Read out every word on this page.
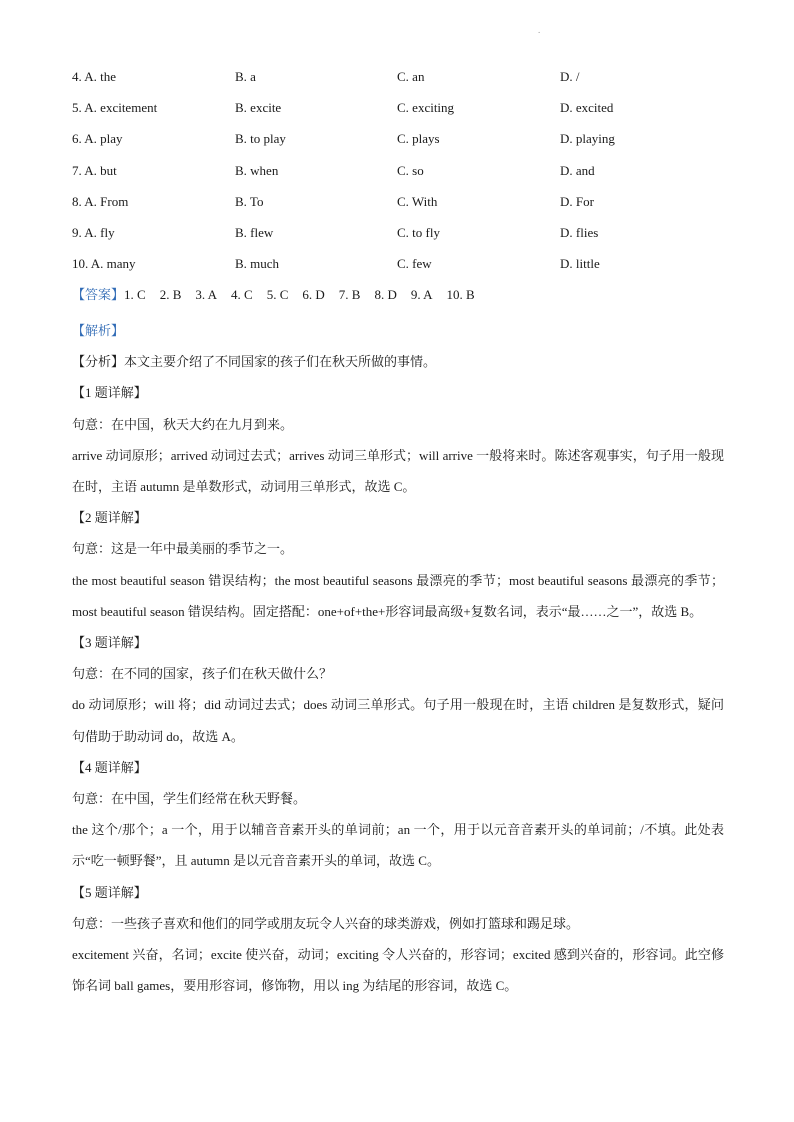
.
4. A. the	B. a	C. an	D. /
5. A. excitement	B. excite	C. exciting	D. excited
6. A. play	B. to play	C. plays	D. playing
7. A. but	B. when	C. so	D. and
8. A. From	B. To	C. With	D. For
9. A. fly	B. flew	C. to fly	D. flies
10. A. many	B. much	C. few	D. little
【答案】1. C 2. B 3. A 4. C 5. C 6. D 7. B 8. D 9. A 10. B

【解析】

【分析】本文主要介绍了不同国家的孩子们在秋天所做的事情。

【1 题详解】

句意：在中国，秋天大约在九月到来。

arrive 动词原形；arrived 动词过去式；arrives 动词三单形式；will arrive 一般将来时。陈述客观事实，句子用一般现在时，主语 autumn 是单数形式，动词用三单形式，故选 C。

【2 题详解】

句意：这是一年中最美丽的季节之一。

the most beautiful season 错误结构；the most beautiful seasons 最漂亮的季节；most beautiful seasons 最漂亮的季节；most beautiful season 错误结构。固定搭配：one+of+the+形容词最高级+复数名词，表示“最……之一”，故选 B。

【3 题详解】

句意：在不同的国家，孩子们在秋天做什么？

do 动词原形；will 将；did 动词过去式；does 动词三单形式。句子用一般现在时，主语 children 是复数形式，疑问句借助于助动词 do，故选 A。

【4 题详解】

句意：在中国，学生们经常在秋天野餐。

the 这个/那个；a 一个，用于以辅音音素开头的单词前；an 一个，用于以元音音素开头的单词前；/不填。此处表示“吃一顿野餐”，且 autumn 是以元音音素开头的单词，故选 C。

【5 题详解】

句意：一些孩子喜欢和他们的同学或朋友玩令人兴奋的球类游戏，例如打篮球和踢足球。

excitement 兴奋，名词；excite 使兴奋，动词；exciting 令人兴奋的，形容词；excited 感到兴奋的，形容词。此空修饰名词 ball games，要用形容词，修饰物，用以 ing 为结尾的形容词，故选 C。
